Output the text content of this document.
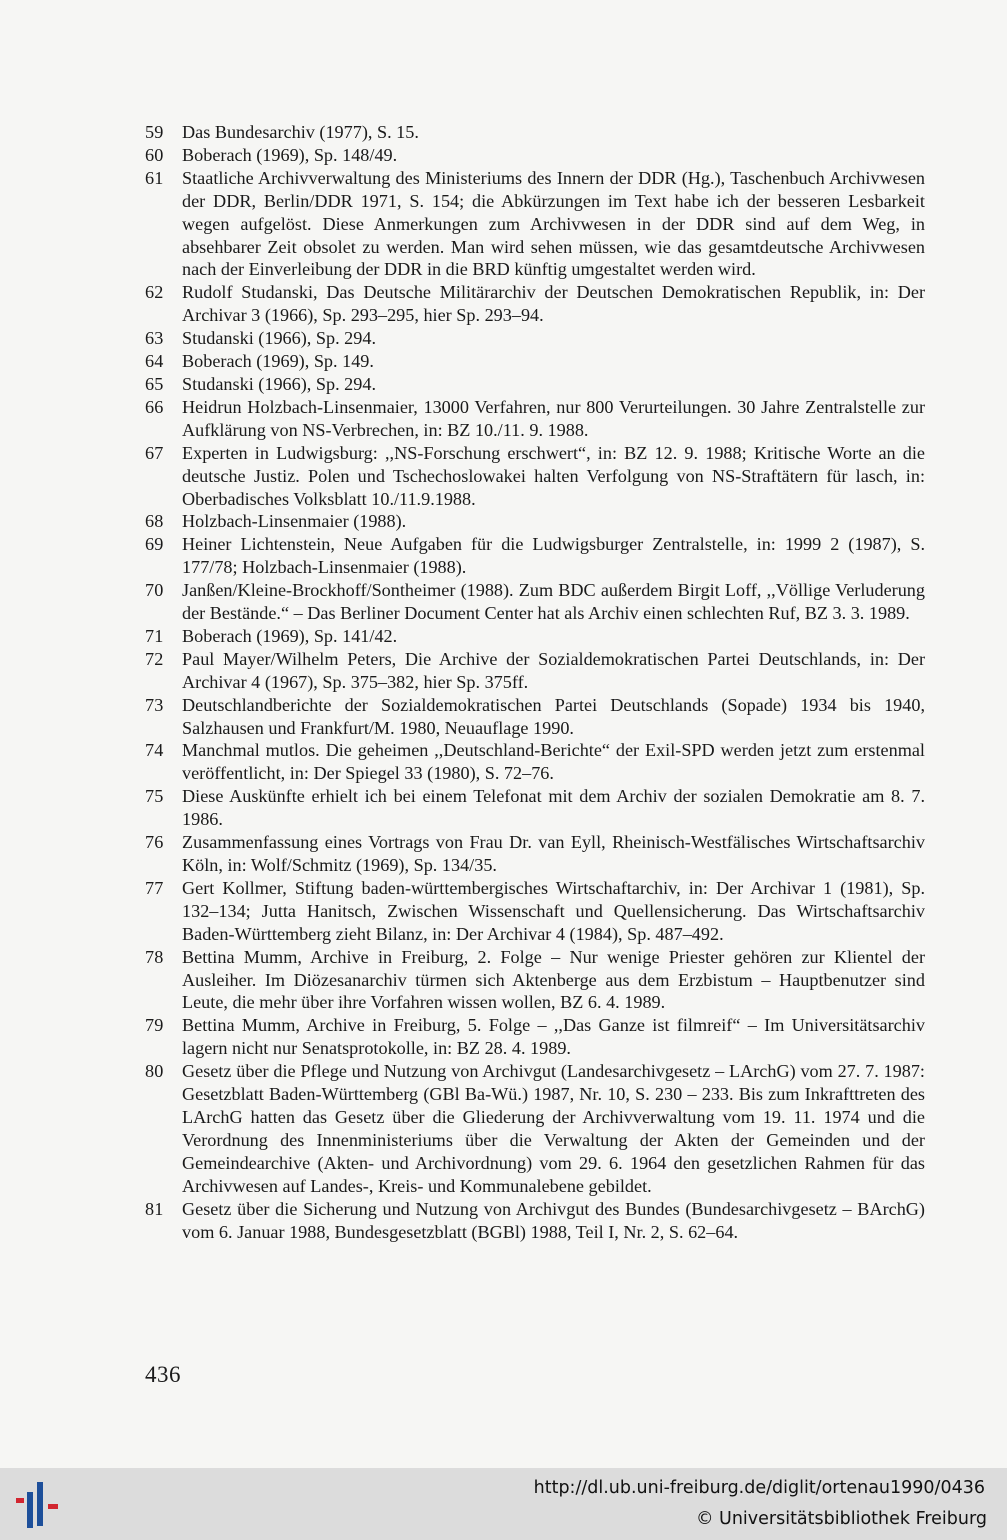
59	Das Bundesarchiv (1977), S. 15.
60	Boberach (1969), Sp. 148/49.
61	Staatliche Archivverwaltung des Ministeriums des Innern der DDR (Hg.), Taschenbuch Archivwesen der DDR, Berlin/DDR 1971, S. 154; die Abkürzungen im Text habe ich der besseren Lesbarkeit wegen aufgelöst. Diese Anmerkungen zum Archivwesen in der DDR sind auf dem Weg, in absehbarer Zeit obsolet zu werden. Man wird sehen müssen, wie das gesamtdeutsche Archivwesen nach der Einverleibung der DDR in die BRD künftig umgestaltet werden wird.
62	Rudolf Studanski, Das Deutsche Militärarchiv der Deutschen Demokratischen Republik, in: Der Archivar 3 (1966), Sp. 293–295, hier Sp. 293–94.
63	Studanski (1966), Sp. 294.
64	Boberach (1969), Sp. 149.
65	Studanski (1966), Sp. 294.
66	Heidrun Holzbach-Linsenmaier, 13000 Verfahren, nur 800 Verurteilungen. 30 Jahre Zentralstelle zur Aufklärung von NS-Verbrechen, in: BZ 10./11. 9. 1988.
67	Experten in Ludwigsburg: ,,NS-Forschung erschwert“, in: BZ 12. 9. 1988; Kritische Worte an die deutsche Justiz. Polen und Tschechoslowakei halten Verfolgung von NS-Straftätern für lasch, in: Oberbadisches Volksblatt 10./11.9.1988.
68	Holzbach-Linsenmaier (1988).
69	Heiner Lichtenstein, Neue Aufgaben für die Ludwigsburger Zentralstelle, in: 1999 2 (1987), S. 177/78; Holzbach-Linsenmaier (1988).
70	Janßen/Kleine-Brockhoff/Sontheimer (1988). Zum BDC außerdem Birgit Loff, ,,Völlige Verluderung der Bestände.“ – Das Berliner Document Center hat als Archiv einen schlechten Ruf, BZ 3. 3. 1989.
71	Boberach (1969), Sp. 141/42.
72	Paul Mayer/Wilhelm Peters, Die Archive der Sozialdemokratischen Partei Deutschlands, in: Der Archivar 4 (1967), Sp. 375–382, hier Sp. 375ff.
73	Deutschlandberichte der Sozialdemokratischen Partei Deutschlands (Sopade) 1934 bis 1940, Salzhausen und Frankfurt/M. 1980, Neuauflage 1990.
74	Manchmal mutlos. Die geheimen ,,Deutschland-Berichte“ der Exil-SPD werden jetzt zum erstenmal veröffentlicht, in: Der Spiegel 33 (1980), S. 72–76.
75	Diese Auskünfte erhielt ich bei einem Telefonat mit dem Archiv der sozialen Demokratie am 8. 7. 1986.
76	Zusammenfassung eines Vortrags von Frau Dr. van Eyll, Rheinisch-Westfälisches Wirtschaftsarchiv Köln, in: Wolf/Schmitz (1969), Sp. 134/35.
77	Gert Kollmer, Stiftung baden-württembergisches Wirtschaftarchiv, in: Der Archivar 1 (1981), Sp. 132–134; Jutta Hanitsch, Zwischen Wissenschaft und Quellensicherung. Das Wirtschaftsarchiv Baden-Württemberg zieht Bilanz, in: Der Archivar 4 (1984), Sp. 487–492.
78	Bettina Mumm, Archive in Freiburg, 2. Folge – Nur wenige Priester gehören zur Klientel der Ausleiher. Im Diözesanarchiv türmen sich Aktenberge aus dem Erzbistum – Hauptbenutzer sind Leute, die mehr über ihre Vorfahren wissen wollen, BZ 6. 4. 1989.
79	Bettina Mumm, Archive in Freiburg, 5. Folge – ,,Das Ganze ist filmreif“ – Im Universitätsarchiv lagern nicht nur Senatsprotokolle, in: BZ 28. 4. 1989.
80	Gesetz über die Pflege und Nutzung von Archivgut (Landesarchivgesetz – LArchG) vom 27. 7. 1987: Gesetzblatt Baden-Württemberg (GBl Ba-Wü.) 1987, Nr. 10, S. 230 – 233. Bis zum Inkrafttreten des LArchG hatten das Gesetz über die Gliederung der Archivverwaltung vom 19. 11. 1974 und die Verordnung des Innenministeriums über die Verwaltung der Akten der Gemeinden und der Gemeindearchive (Akten- und Archivordnung) vom 29. 6. 1964 den gesetzlichen Rahmen für das Archivwesen auf Landes-, Kreis- und Kommunalebene gebildet.
81	Gesetz über die Sicherung und Nutzung von Archivgut des Bundes (Bundesarchivgesetz – BArchG) vom 6. Januar 1988, Bundesgesetzblatt (BGBl) 1988, Teil I, Nr. 2, S. 62–64.
436
http://dl.ub.uni-freiburg.de/diglit/ortenau1990/0436
© Universitätsbibliothek Freiburg
